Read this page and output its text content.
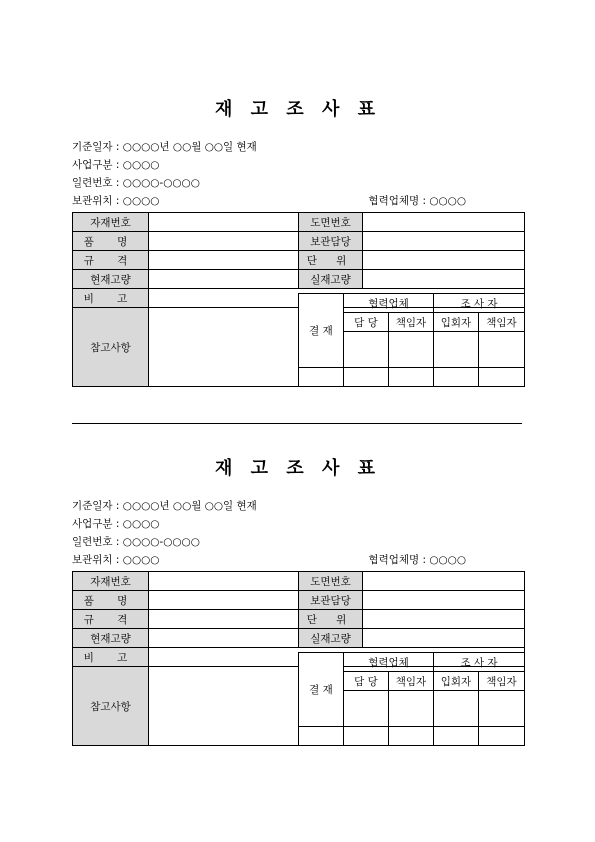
재 고 조 사 표
기준일자 : ○○○○년 ○○월 ○○일 현재
사업구분 : ○○○○
일련번호 : ○○○○-○○○○
보관위치 : ○○○○	협력업체명 : ○○○○
자재번호		도면번호	
품 명		보관담당	
규 격		단 위	
현재고량		실재고량	
비 고	
참고사항	
결 재	협력업체	조 사 자
담 당	책임자	입회자	책임자

재 고 조 사 표
기준일자 : ○○○○년 ○○월 ○○일 현재
사업구분 : ○○○○
일련번호 : ○○○○-○○○○
보관위치 : ○○○○	협력업체명 : ○○○○
자재번호		도면번호	
품 명		보관담당	
규 격		단 위	
현재고량		실재고량	
비 고	
참고사항	
결 재	협력업체	조 사 자
담 당	책임자	입회자	책임자
